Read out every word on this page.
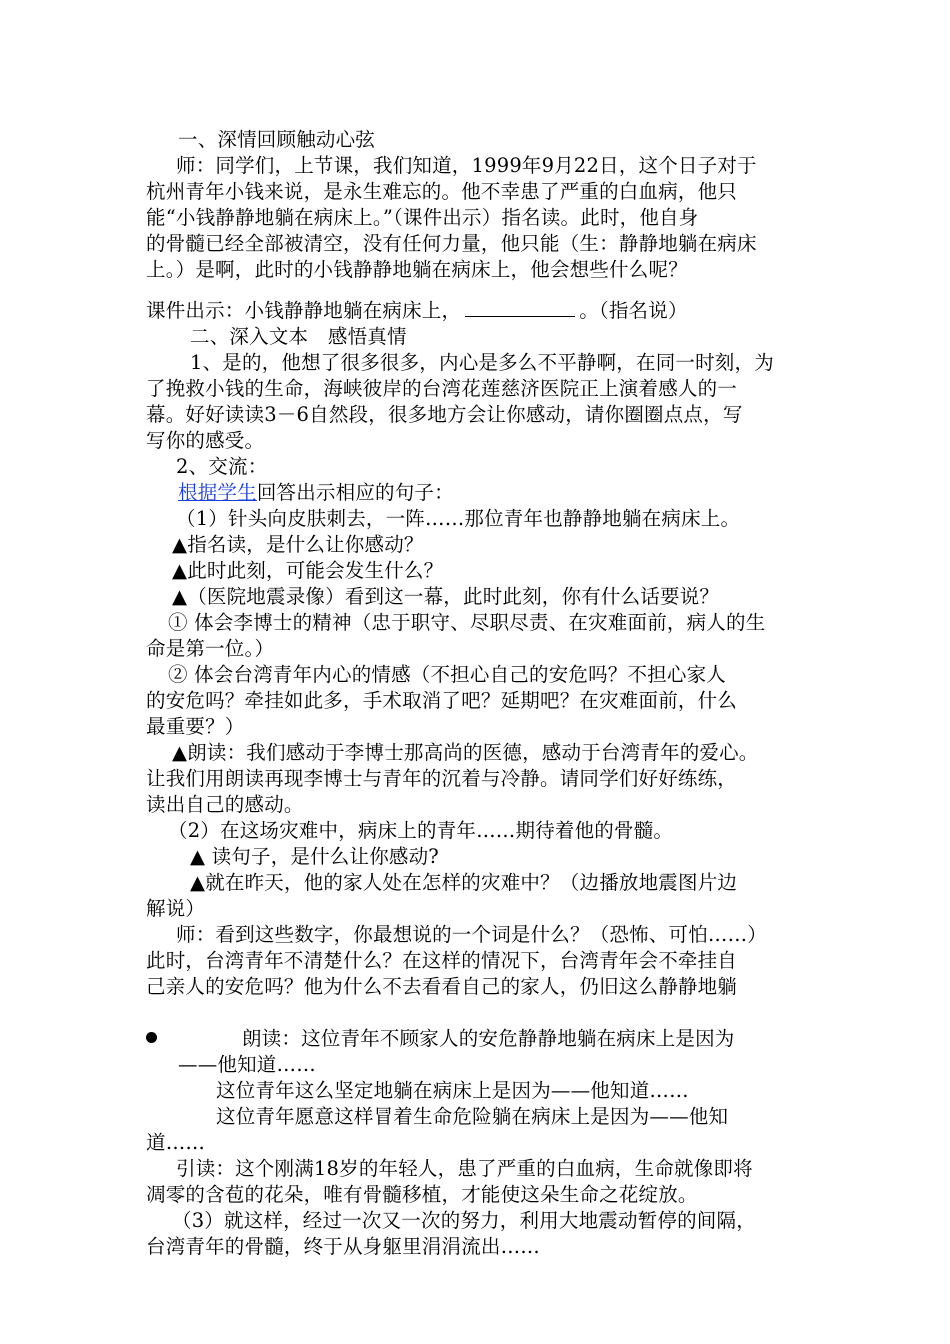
一、深情回顾触动心弦
师：同学们，上节课，我们知道，1999年9月22日，这个日子对于
杭州青年小钱来说，是永生难忘的。他不幸患了严重的白血病，他只
能“小钱静静地躺在病床上。”（课件出示）指名读。此时，他自身
的骨髓已经全部被清空，没有任何力量，他只能（生：静静地躺在病床
上。）是啊，此时的小钱静静地躺在病床上，他会想些什么呢？
课件出示：小钱静静地躺在病床上，	。（指名说）
二、深入文本　感悟真情
1、是的，他想了很多很多，内心是多么不平静啊，在同一时刻，为
了挽救小钱的生命，海峡彼岸的台湾花莲慈济医院正上演着感人的一
幕。好好读读3－6自然段，很多地方会让你感动，请你圈圈点点，写
写你的感受。
2、交流：
根据学生回答出示相应的句子：
（1）针头向皮肤刺去，一阵……那位青年也静静地躺在病床上。
▲指名读，是什么让你感动？
▲此时此刻，可能会发生什么？
▲（医院地震录像）看到这一幕，此时此刻，你有什么话要说？
① 体会李博士的精神（忠于职守、尽职尽责、在灾难面前，病人的生
命是第一位。）
② 体会台湾青年内心的情感（不担心自己的安危吗？不担心家人
的安危吗？牵挂如此多，手术取消了吧？延期吧？在灾难面前，什么
最重要？）
▲朗读：我们感动于李博士那高尚的医德，感动于台湾青年的爱心。
让我们用朗读再现李博士与青年的沉着与冷静。请同学们好好练练，
读出自己的感动。
（2）在这场灾难中，病床上的青年……期待着他的骨髓。
▲ 读句子，是什么让你感动?
▲就在昨天，他的家人处在怎样的灾难中？（边播放地震图片边
解说）
师：看到这些数字，你最想说的一个词是什么？（恐怖、可怕……）
此时，台湾青年不清楚什么？在这样的情况下，台湾青年会不牵挂自
己亲人的安危吗？他为什么不去看看自己的家人，仍旧这么静静地躺
朗读：这位青年不顾家人的安危静静地躺在病床上是因为
——他知道……
这位青年这么坚定地躺在病床上是因为——他知道……
这位青年愿意这样冒着生命危险躺在病床上是因为——他知
道……
引读：这个刚满18岁的年轻人，患了严重的白血病，生命就像即将
凋零的含苞的花朵，唯有骨髓移植，才能使这朵生命之花绽放。
（3）就这样，经过一次又一次的努力，利用大地震动暂停的间隔，
台湾青年的骨髓，终于从身躯里涓涓流出……
